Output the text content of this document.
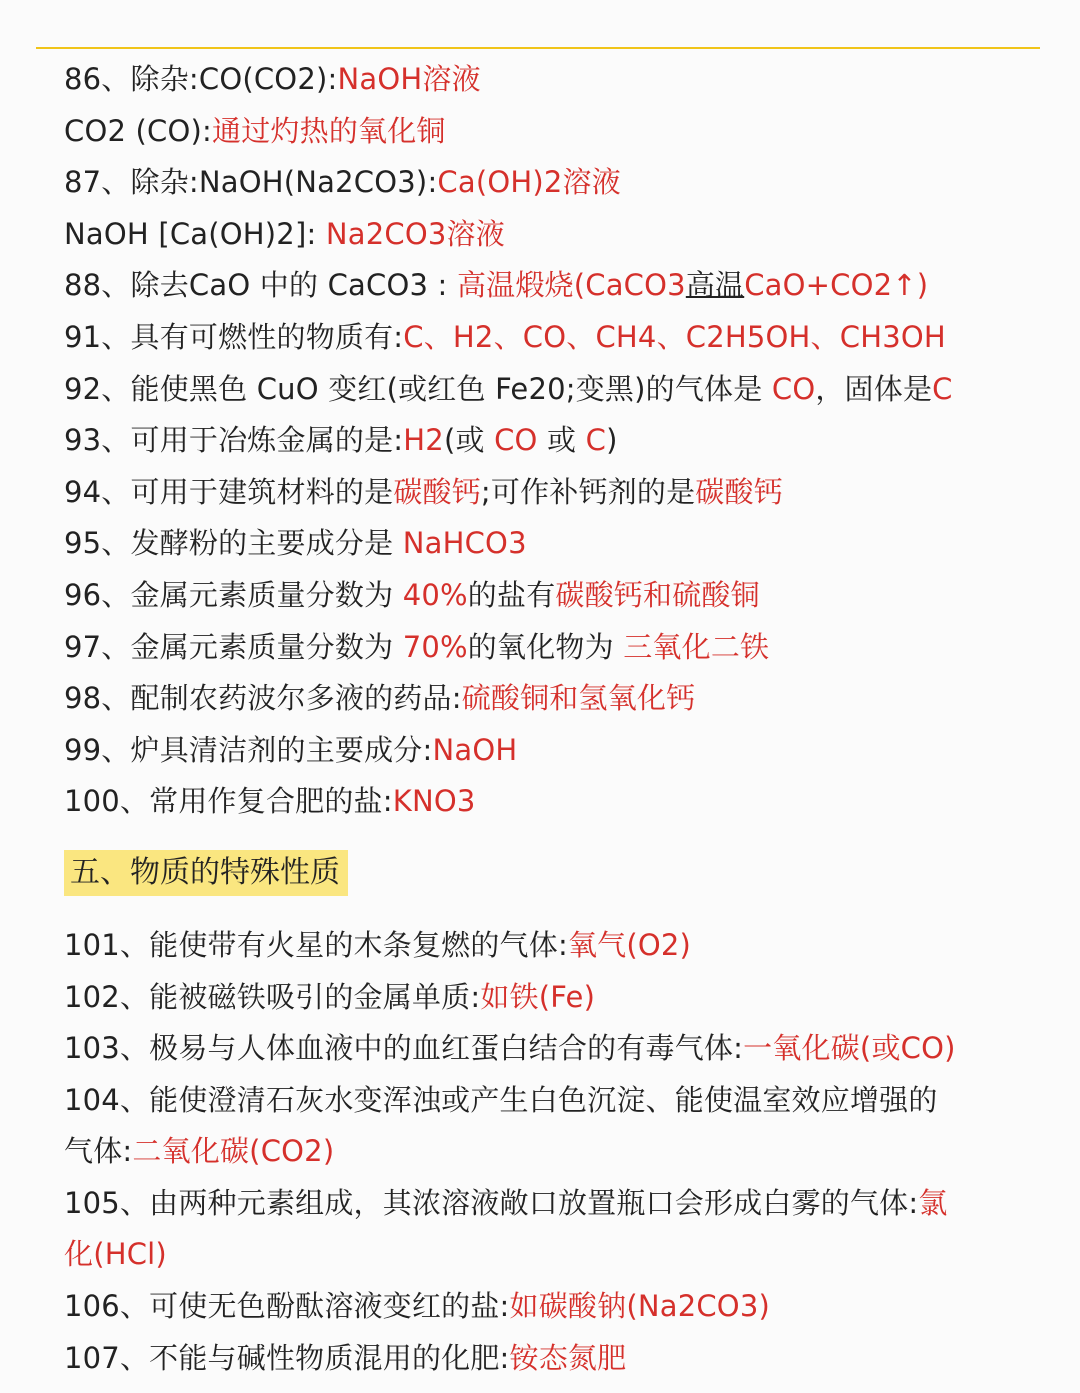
86、除杂:CO(CO2):NaOH溶液
CO2 (CO):通过灼热的氧化铜
87、除杂:NaOH(Na2CO3):Ca(OH)2溶液
NaOH [Ca(OH)2]: Na2CO3溶液
88、除去CaO 中的 CaCO3 : 高温煅烧(CaCO3高温CaO+CO2↑)
91、具有可燃性的物质有:C、H2、CO、CH4、C2H5OH、CH3OH
92、能使黑色 CuO 变红(或红色 Fe20;变黑)的气体是 CO，固体是C
93、可用于冶炼金属的是:H2(或 CO 或 C)
94、可用于建筑材料的是碳酸钙;可作补钙剂的是碳酸钙
95、发酵粉的主要成分是 NaHCO3
96、金属元素质量分数为 40%的盐有碳酸钙和硫酸铜
97、金属元素质量分数为 70%的氧化物为 三氧化二铁
98、配制农药波尔多液的药品:硫酸铜和氢氧化钙
99、炉具清洁剂的主要成分:NaOH
100、常用作复合肥的盐:KNO3
五、物质的特殊性质
101、能使带有火星的木条复燃的气体:氧气(O2)
102、能被磁铁吸引的金属单质:如铁(Fe)
103、极易与人体血液中的血红蛋白结合的有毒气体:一氧化碳(或CO)
104、能使澄清石灰水变浑浊或产生白色沉淀、能使温室效应增强的
气体:二氧化碳(CO2)
105、由两种元素组成，其浓溶液敞口放置瓶口会形成白雾的气体:氯
化(HCl)
106、可使无色酚酞溶液变红的盐:如碳酸钠(Na2CO3)
107、不能与碱性物质混用的化肥:铵态氮肥
